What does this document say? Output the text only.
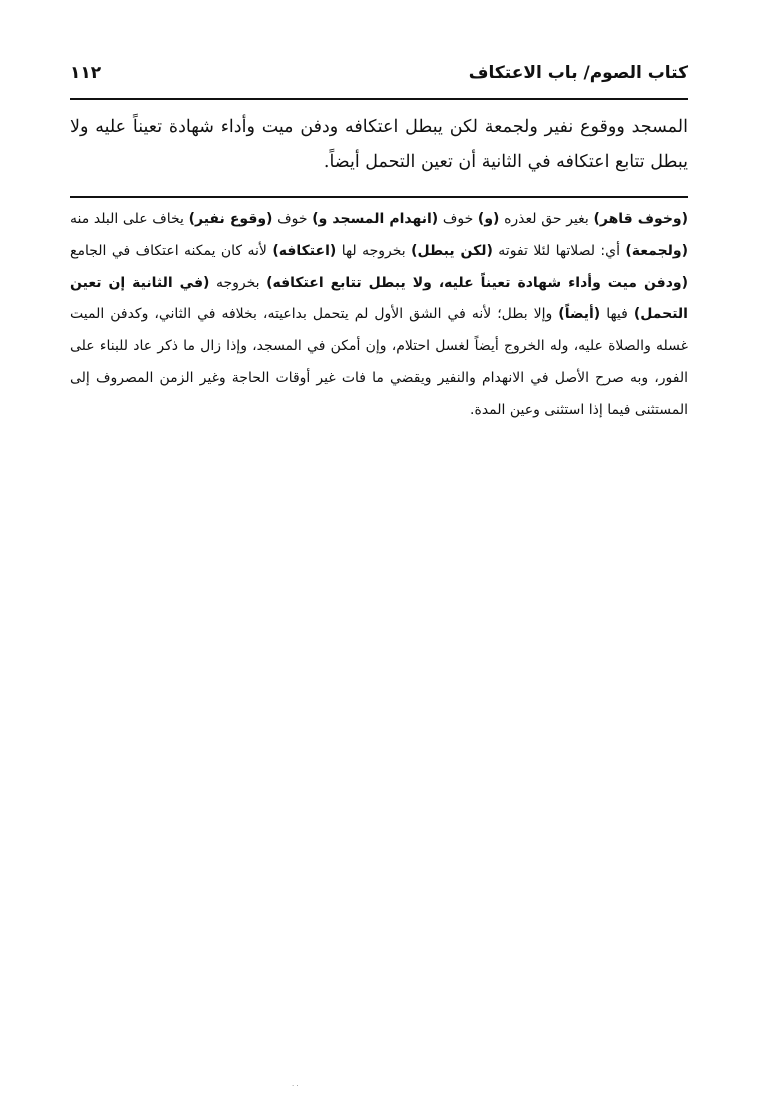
كتاب الصوم/ باب الاعتكاف
١١٢

المسجد ووقوع نفير ولجمعة لكن يبطل اعتكافه ودفن ميت وأداء شهادة تعيناً عليه ولا يبطل تتابع اعتكافه في الثانية أن تعين التحمل أيضاً.

(وخوف قاهر) بغير حق لعذره (و) خوف (انهدام المسجد و) خوف (وقوع نفير) يخاف على البلد منه (ولجمعة) أي: لصلاتها لئلا تفوته (لكن يبطل) بخروجه لها (اعتكافه) لأنه كان يمكنه اعتكاف في الجامع (ودفن ميت وأداء شهادة تعيناً عليه، ولا يبطل تتابع اعتكافه) بخروجه (في الثانية إن تعين التحمل) فيها (أيضاً) وإلا بطل؛ لأنه في الشق الأول لم يتحمل بداعيته، بخلافه في الثاني، وكدفن الميت غسله والصلاة عليه، وله الخروج أيضاً لغسل احتلام، وإن أمكن في المسجد، وإذا زال ما ذكر عاد للبناء على الفور، وبه صرح الأصل في الانهدام والنفير ويقضي ما فات غير أوقات الحاجة وغير الزمن المصروف إلى المستثنى فيما إذا استثنى وعين المدة.

··
